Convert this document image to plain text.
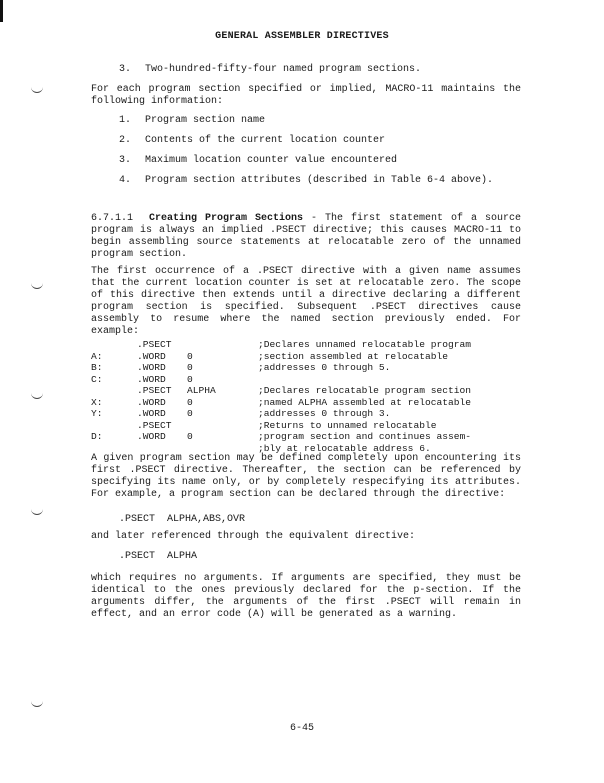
GENERAL ASSEMBLER DIRECTIVES
3. Two-hundred-fifty-four named program sections.
For each program section specified or implied, MACRO-11 maintains the following information:
1. Program section name
2. Contents of the current location counter
3. Maximum location counter value encountered
4. Program section attributes (described in Table 6-4 above).
6.7.1.1 Creating Program Sections - The first statement of a source program is always an implied .PSECT directive; this causes MACRO-11 to begin assembling source statements at relocatable zero of the unnamed program section.
The first occurrence of a .PSECT directive with a given name assumes that the current location counter is set at relocatable zero. The scope of this directive then extends until a directive declaring a different program section is specified. Subsequent .PSECT directives cause assembly to resume where the named section previously ended. For example:
.PSECT	;Declares unnamed relocatable program
A:	.WORD 0	;section assembled at relocatable
B:	.WORD 0	;addresses 0 through 5.
C:	.WORD 0
.PSECT ALPHA	;Declares relocatable program section
X:	.WORD 0	;named ALPHA assembled at relocatable
Y:	.WORD 0	;addresses 0 through 3.
.PSECT	;Returns to unnamed relocatable
D:	.WORD 0	;program section and continues assem-
;bly at relocatable address 6.
A given program section may be defined completely upon encountering its first .PSECT directive. Thereafter, the section can be referenced by specifying its name only, or by completely respecifying its attributes. For example, a program section can be declared through the directive:
.PSECT  ALPHA,ABS,OVR
and later referenced through the equivalent directive:
.PSECT  ALPHA
which requires no arguments. If arguments are specified, they must be identical to the ones previously declared for the p-section. If the arguments differ, the arguments of the first .PSECT will remain in effect, and an error code (A) will be generated as a warning.
6-45
